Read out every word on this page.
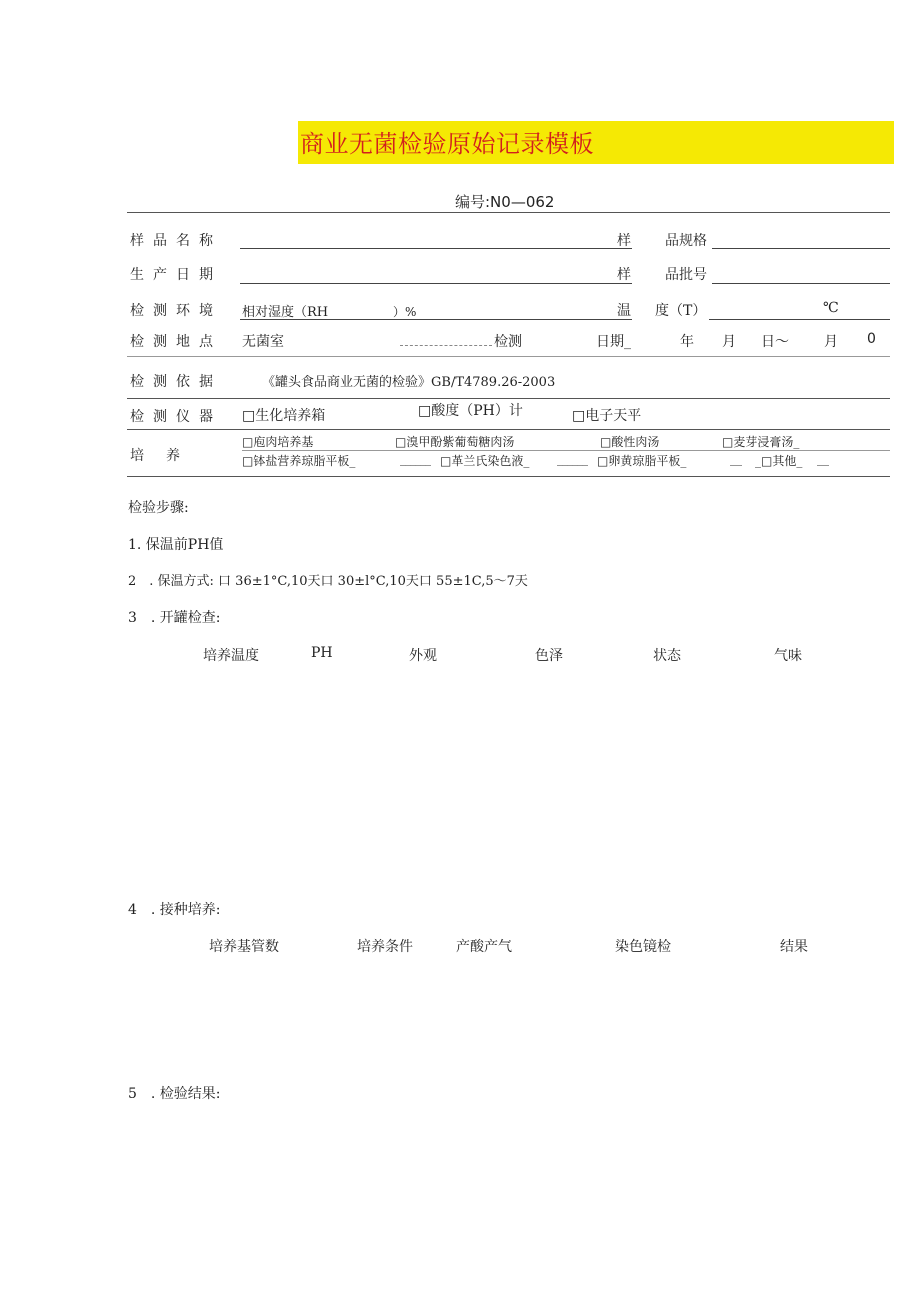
商业无菌检验原始记录模板
编号:N0—062
样品名称	样 品规格
生产日期	样 品批号
检测环境 相对湿度（RH	）%	温 度（T）	℃
检测地点 无菌室	检测	日期_	年 月 日～	月 0
检测依据	《罐头食品商业无菌的检验》GB/T4789.26-2003
检测仪器 □生化培养箱	□酸度（PH）计	□电子天平
培养
□庖肉培养基	□溴甲酚紫葡萄糖肉汤	□酸性肉汤	□麦芽浸膏汤_
□钵盐营养琼脂平板_	______ □革兰氏染色液_ ______ □卵黄琼脂平板_	__ _□其他_ __
检验步骤:
1. 保温前PH值
2　. 保温方式: 口 36±1°C,10天口 30±l°C,10天口 55±1C,5～7天
3　. 开罐检查:
培养温度	PH	外观	色泽	状态	气味
4　. 接种培养:
培养基管数	培养条件	产酸产气	染色镜检	结果
5　. 检验结果:
